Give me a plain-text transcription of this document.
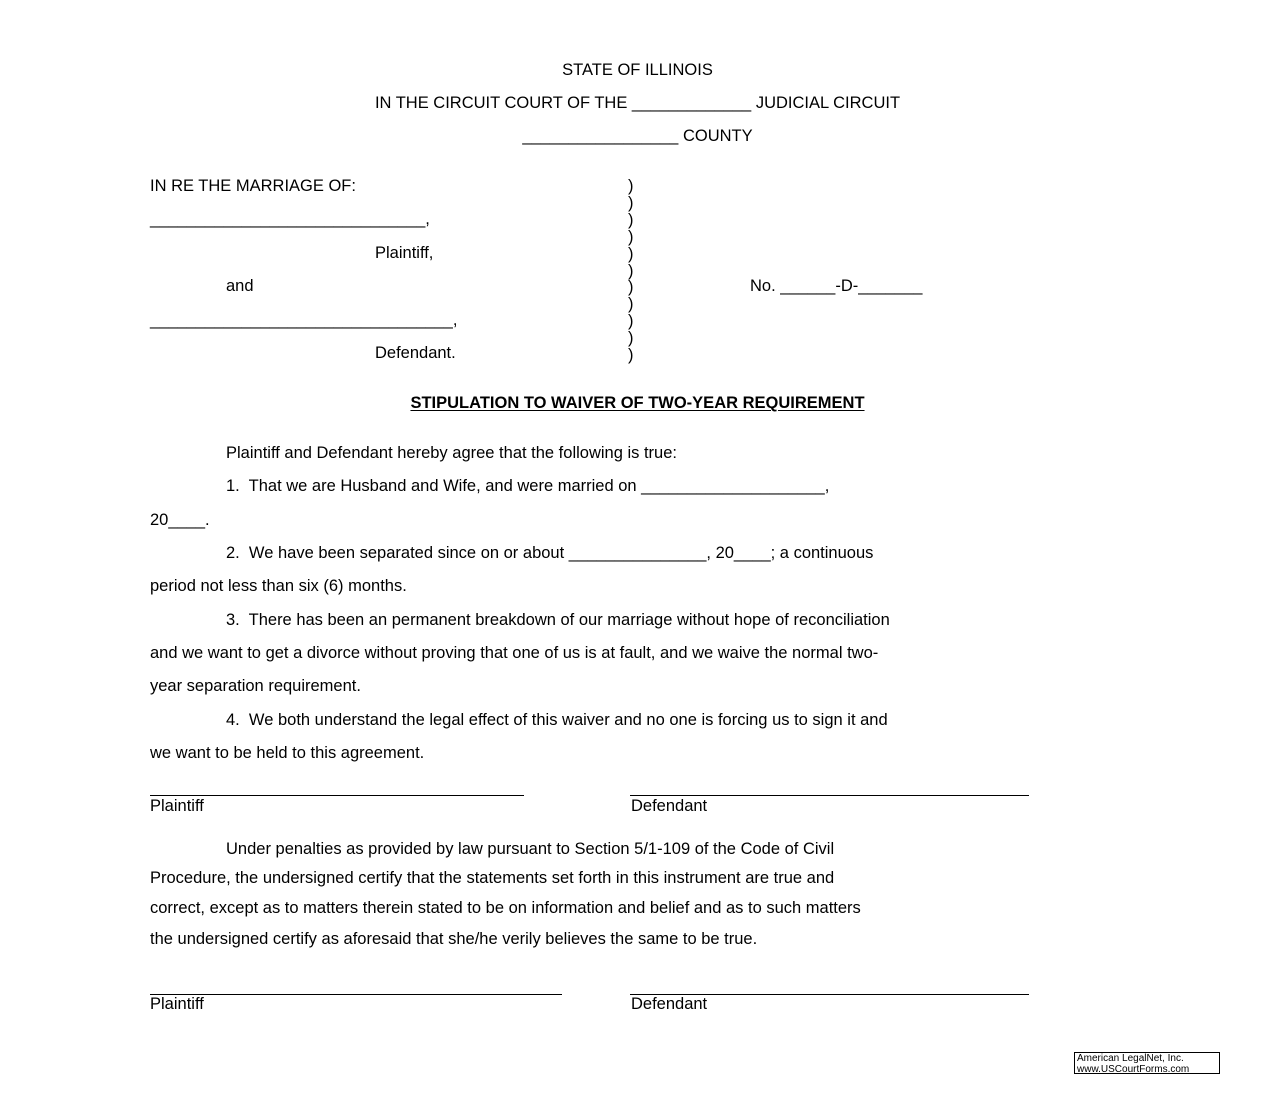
STATE OF ILLINOIS
IN THE CIRCUIT COURT OF THE _____________ JUDICIAL CIRCUIT
_________________ COUNTY
IN RE THE MARRIAGE OF:
______________________________,
Plaintiff,
and
_________________________________,
Defendant.
)
)
)
)
)
)
)
)
)
)
)
No. ______-D-_______
STIPULATION TO WAIVER OF TWO-YEAR REQUIREMENT
Plaintiff and Defendant hereby agree that the following is true:
1.  That we are Husband and Wife, and were married on ____________________,
20____.
2.  We have been separated since on or about _______________, 20____; a continuous
period not less than six (6) months.
3.  There has been an permanent breakdown of our marriage without hope of reconciliation
and we want to get a divorce without proving that one of us is at fault, and we waive the normal two-
year separation requirement.
4.  We both understand the legal effect of this waiver and no one is forcing us to sign it and
we want to be held to this agreement.
Plaintiff	Defendant
Under penalties as provided by law pursuant to Section 5/1-109 of the Code of Civil
Procedure, the undersigned certify that the statements set forth in this instrument are true and
correct, except as to matters therein stated to be on information and belief and as to such matters
the undersigned certify as aforesaid that she/he verily believes the same to be true.
Plaintiff	Defendant
American LegalNet, Inc.
www.USCourtForms.com
